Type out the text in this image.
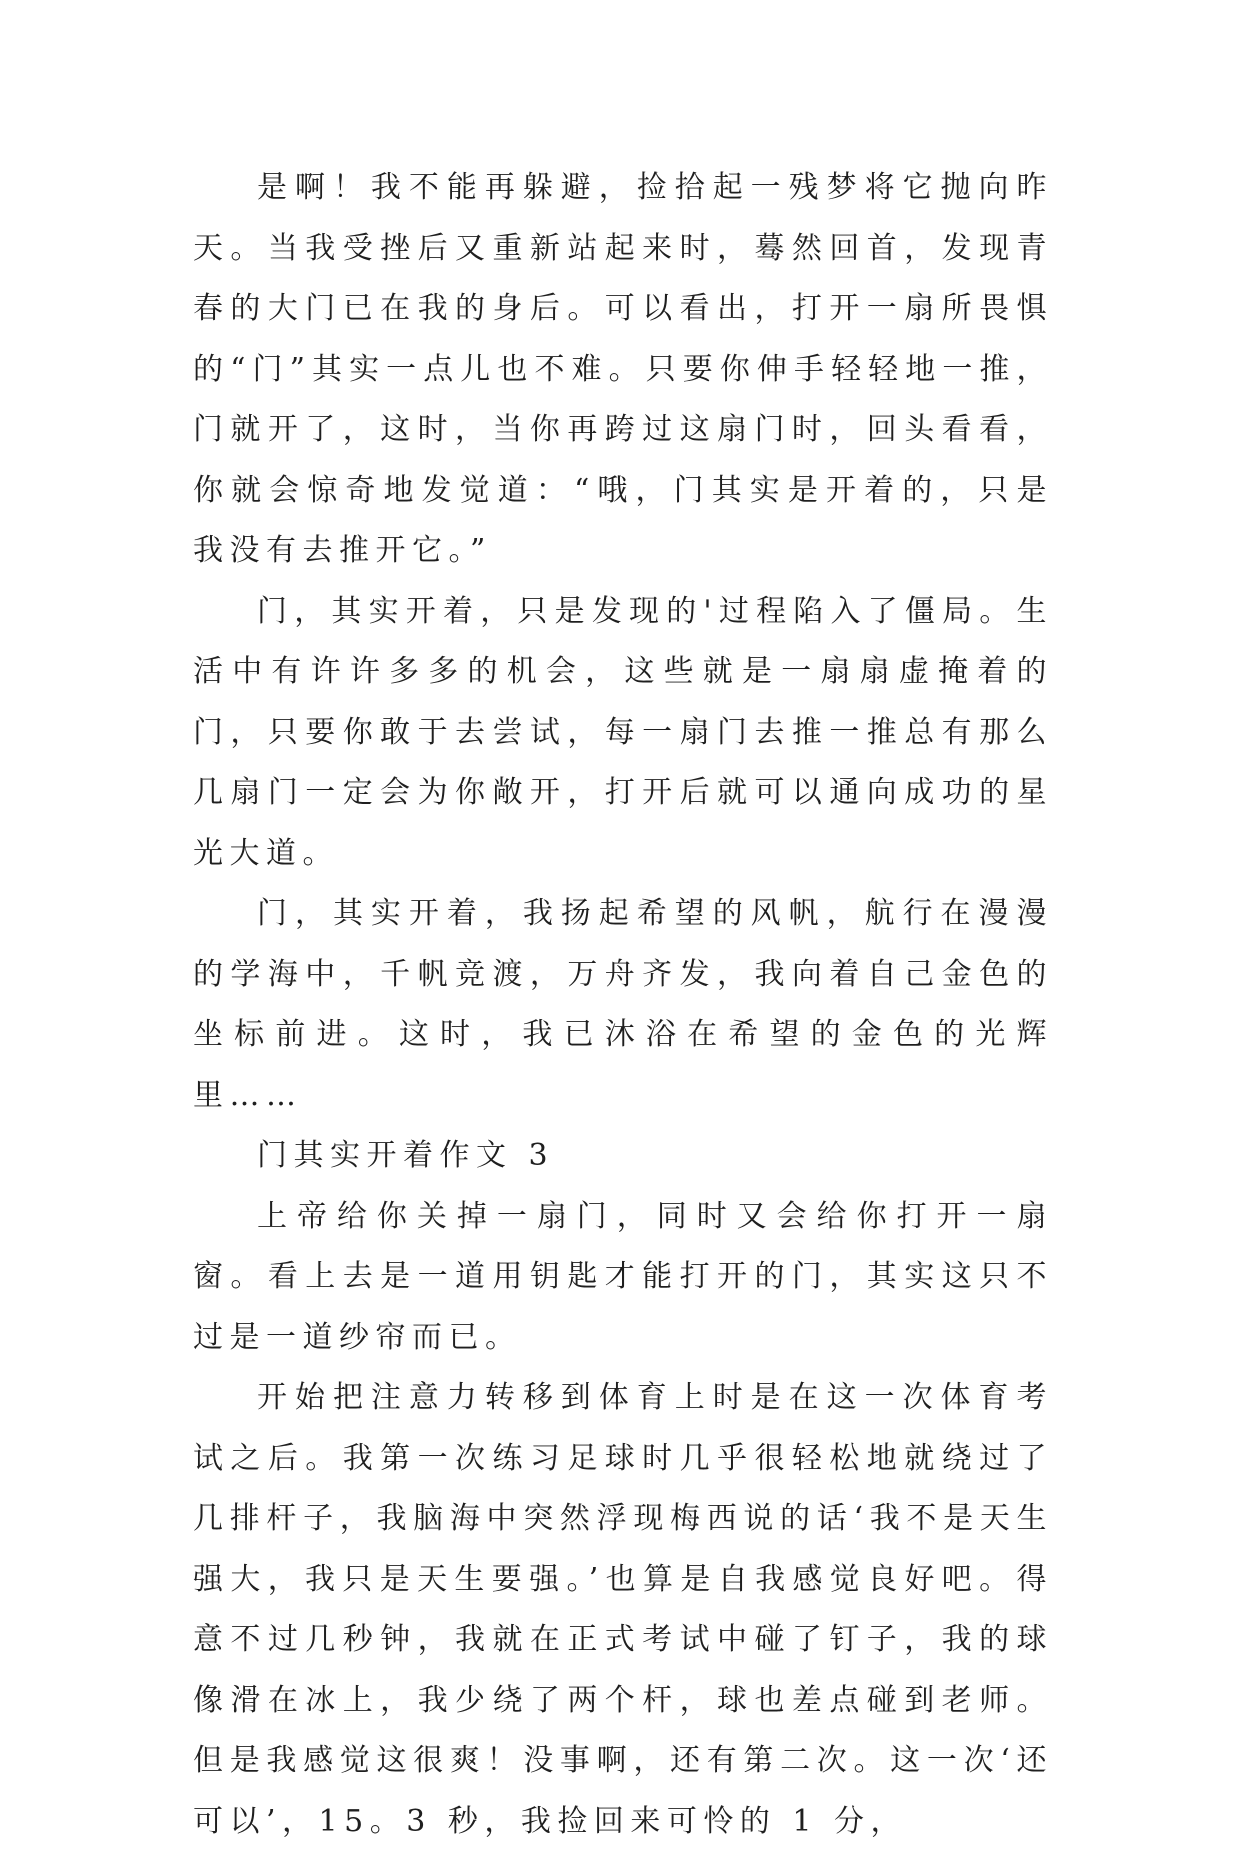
是啊！我不能再躲避，捡拾起一残梦将它抛向昨天。当我受挫后又重新站起来时，蓦然回首，发现青春的大门已在我的身后。可以看出，打开一扇所畏惧的“门”其实一点儿也不难。只要你伸手轻轻地一推，门就开了，这时，当你再跨过这扇门时，回头看看，你就会惊奇地发觉道：“哦，门其实是开着的，只是我没有去推开它。”

门，其实开着，只是发现的'过程陷入了僵局。生活中有许许多多的机会，这些就是一扇扇虚掩着的门，只要你敢于去尝试，每一扇门去推一推总有那么几扇门一定会为你敞开，打开后就可以通向成功的星光大道。

门，其实开着，我扬起希望的风帆，航行在漫漫的学海中，千帆竞渡，万舟齐发，我向着自己金色的坐标前进。这时，我已沐浴在希望的金色的光辉里……

门其实开着作文 3

上帝给你关掉一扇门，同时又会给你打开一扇窗。看上去是一道用钥匙才能打开的门，其实这只不过是一道纱帘而已。

开始把注意力转移到体育上时是在这一次体育考试之后。我第一次练习足球时几乎很轻松地就绕过了几排杆子，我脑海中突然浮现梅西说的话‘我不是天生强大，我只是天生要强。’也算是自我感觉良好吧。得意不过几秒钟，我就在正式考试中碰了钉子，我的球像滑在冰上，我少绕了两个杆，球也差点碰到老师。但是我感觉这很爽！没事啊，还有第二次。这一次‘还可以’，15。3 秒，我捡回来可怜的 1 分，
